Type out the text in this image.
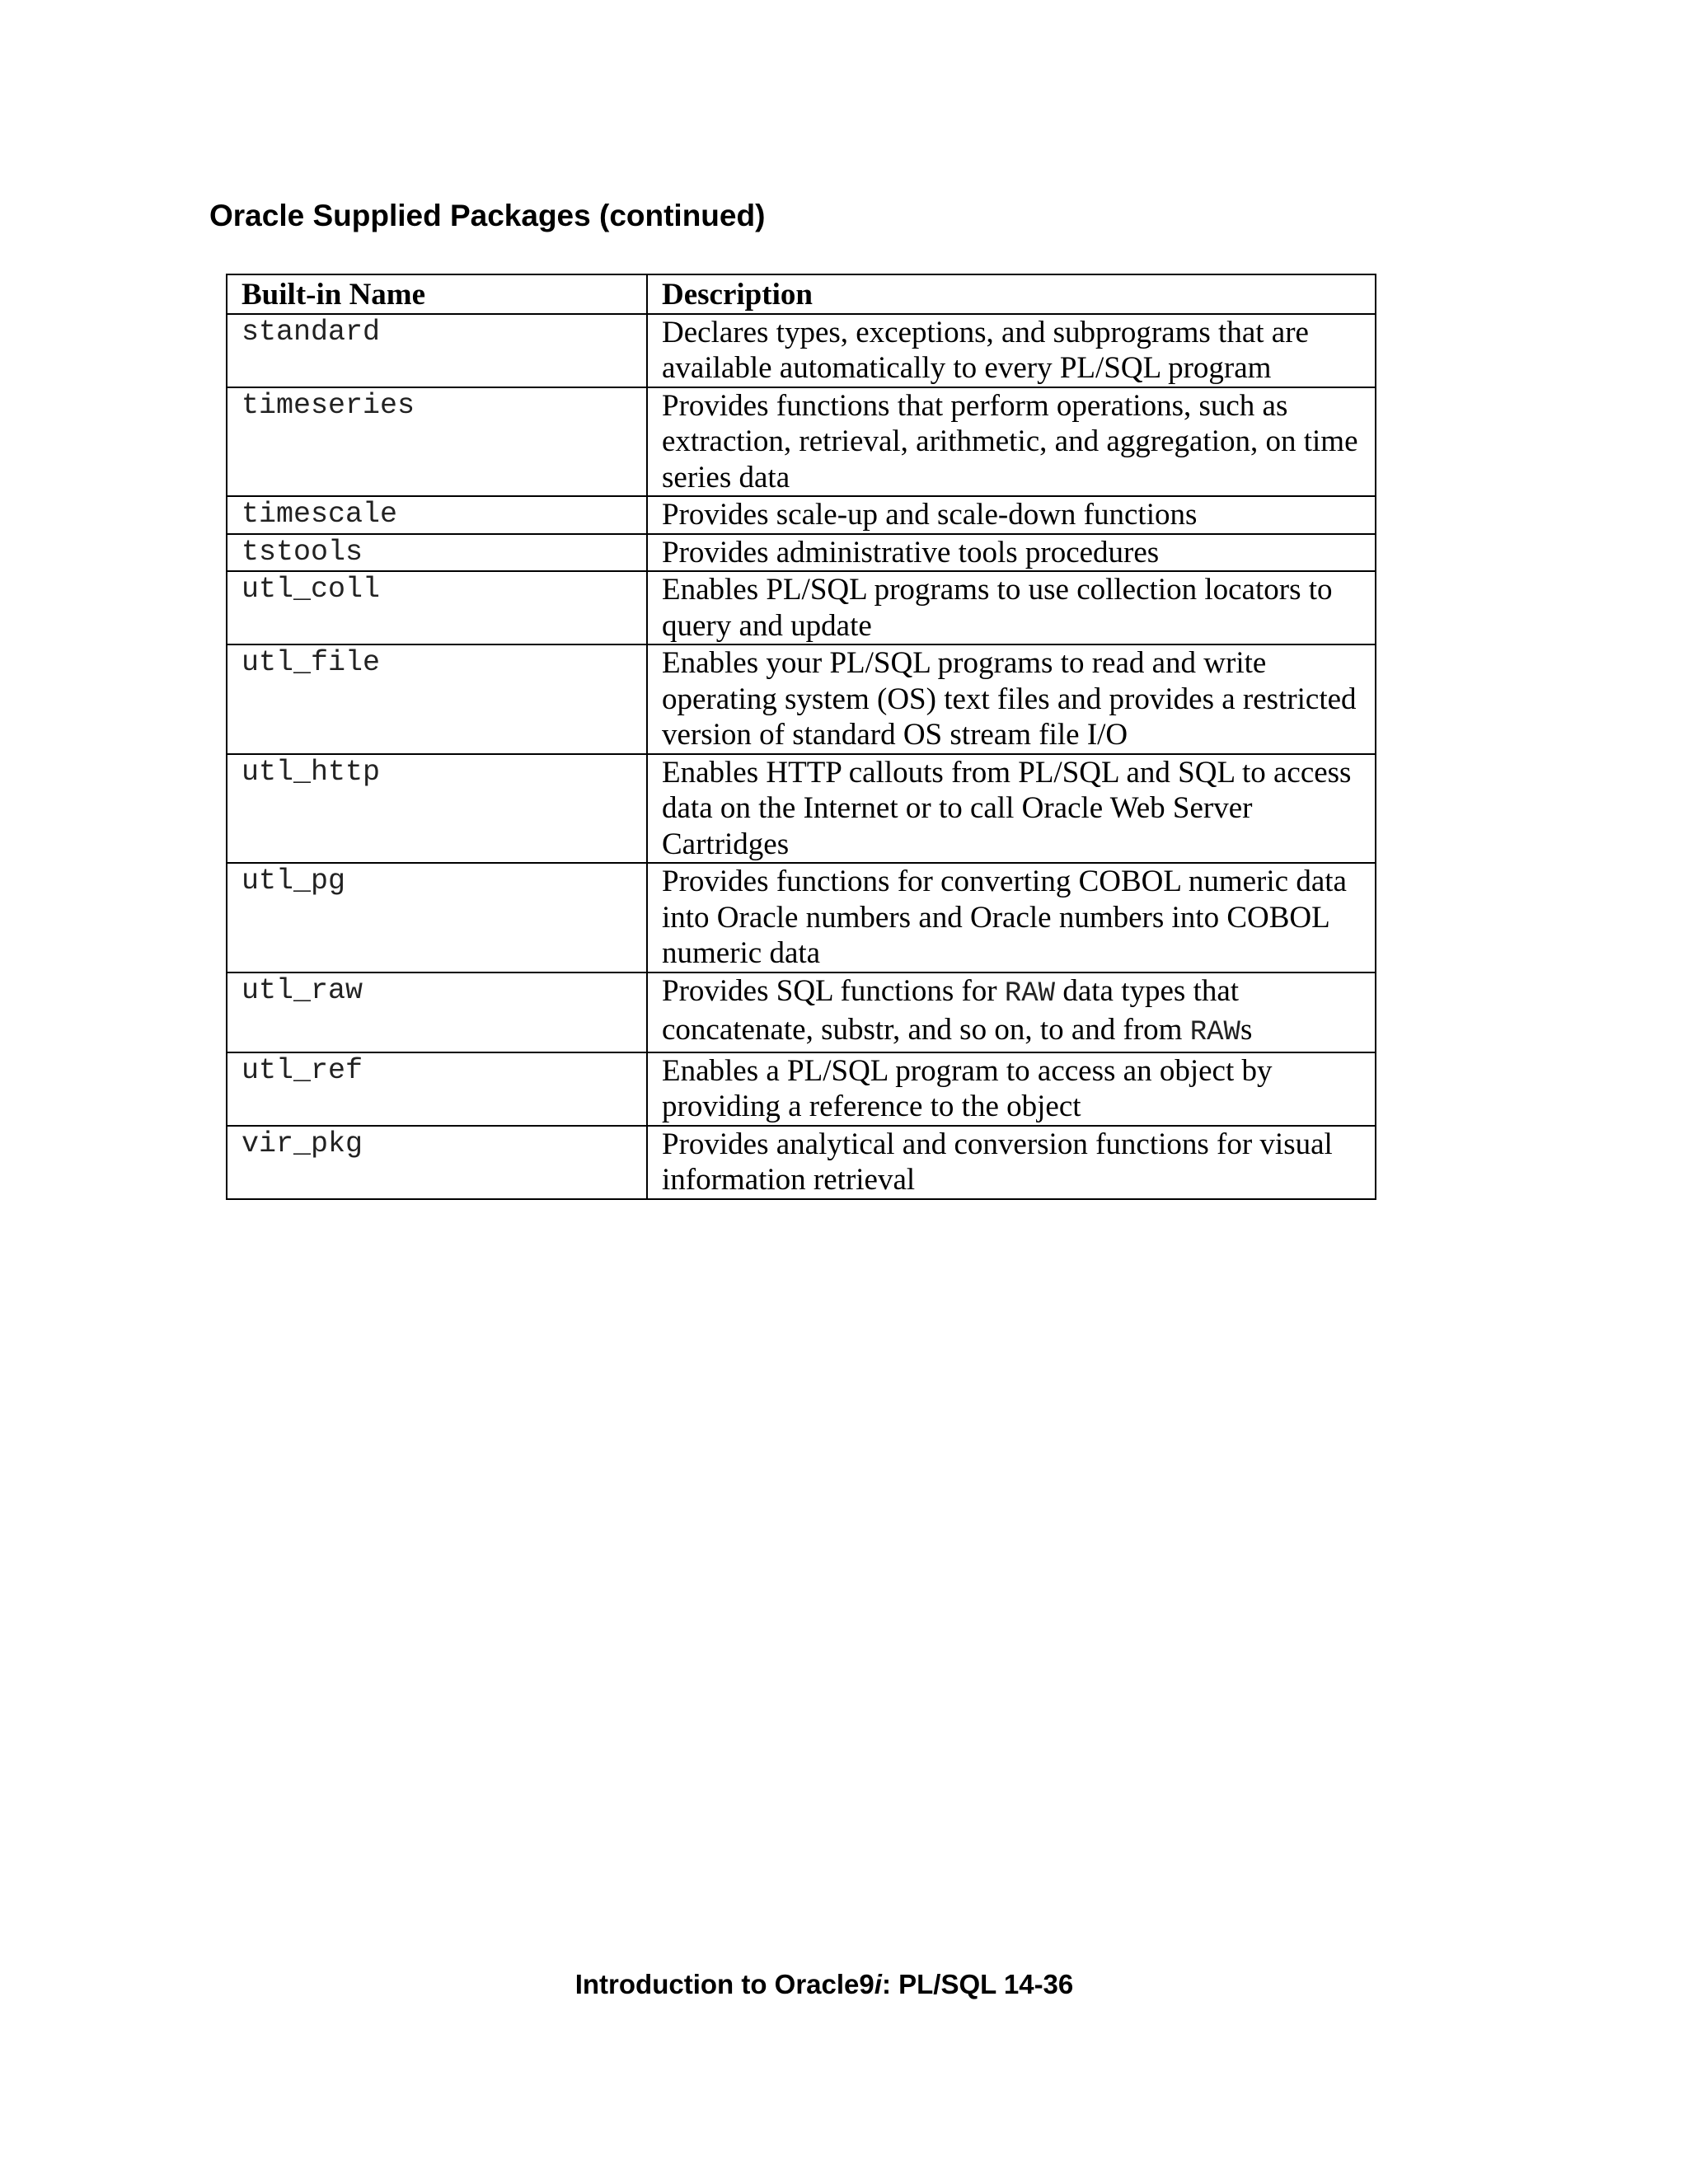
Oracle Supplied Packages (continued)
Built-in Name	Description
standard	Declares types, exceptions, and subprograms that are available automatically to every PL/SQL program
timeseries	Provides functions that perform operations, such as extraction, retrieval, arithmetic, and aggregation, on time series data
timescale	Provides scale-up and scale-down functions
tstools	Provides administrative tools procedures
utl_coll	Enables PL/SQL programs to use collection locators to query and update
utl_file	Enables your PL/SQL programs to read and write operating system (OS) text files and provides a restricted version of standard OS stream file I/O
utl_http	Enables HTTP callouts from PL/SQL and SQL to access data on the Internet or to call Oracle Web Server Cartridges
utl_pg	Provides functions for converting COBOL numeric data into Oracle numbers and Oracle numbers into COBOL numeric data
utl_raw	Provides SQL functions for RAW data types that concatenate, substr, and so on, to and from RAWs
utl_ref	Enables a PL/SQL program to access an object by providing a reference to the object
vir_pkg	Provides analytical and conversion functions for visual information retrieval
Introduction to Oracle9i: PL/SQL 14-36
